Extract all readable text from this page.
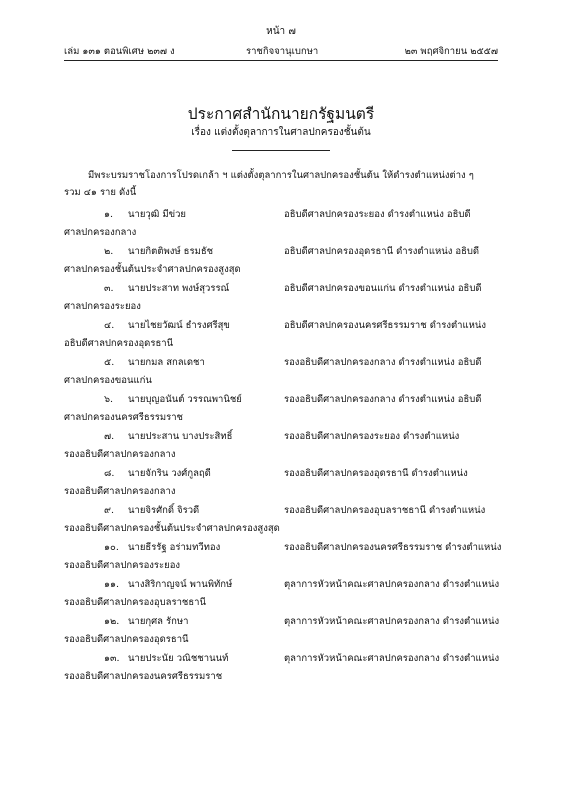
หน้า ๗
เล่ม ๑๓๑ ตอนพิเศษ ๒๓๗ ง	ราชกิจจานุเบกษา	๒๓ พฤศจิกายน ๒๕๕๗
ประกาศสำนักนายกรัฐมนตรี
เรื่อง แต่งตั้งตุลาการในศาลปกครองชั้นต้น
มีพระบรมราชโองการโปรดเกล้า ฯ แต่งตั้งตุลาการในศาลปกครองชั้นต้น ให้ดำรงตำแหน่งต่าง ๆ
รวม ๔๑ ราย ดังนี้
๑. นายวุฒิ มีข่วย	อธิบดีศาลปกครองระยอง ดำรงตำแหน่ง อธิบดี
ศาลปกครองกลาง
๒. นายกิตติพงษ์ ธรมธัช	อธิบดีศาลปกครองอุดรธานี ดำรงตำแหน่ง อธิบดี
ศาลปกครองชั้นต้นประจำศาลปกครองสูงสุด
๓. นายประสาท พงษ์สุวรรณ์	อธิบดีศาลปกครองขอนแก่น ดำรงตำแหน่ง อธิบดี
ศาลปกครองระยอง
๔. นายไชยวัฒน์ ธำรงศรีสุข	อธิบดีศาลปกครองนครศรีธรรมราช ดำรงตำแหน่ง
อธิบดีศาลปกครองอุดรธานี
๕. นายกมล สกลเดชา	รองอธิบดีศาลปกครองกลาง ดำรงตำแหน่ง อธิบดี
ศาลปกครองขอนแก่น
๖. นายบุญอนันต์ วรรณพานิชย์	รองอธิบดีศาลปกครองกลาง ดำรงตำแหน่ง อธิบดี
ศาลปกครองนครศรีธรรมราช
๗. นายประสาน บางประสิทธิ์	รองอธิบดีศาลปกครองระยอง ดำรงตำแหน่ง
รองอธิบดีศาลปกครองกลาง
๘. นายจักริน วงศ์กูลฤดี	รองอธิบดีศาลปกครองอุดรธานี ดำรงตำแหน่ง
รองอธิบดีศาลปกครองกลาง
๙. นายจิรศักดิ์ จิรวดี	รองอธิบดีศาลปกครองอุบลราชธานี ดำรงตำแหน่ง
รองอธิบดีศาลปกครองชั้นต้นประจำศาลปกครองสูงสุด
๑๐. นายธีรรัฐ อร่ามทวีทอง	รองอธิบดีศาลปกครองนครศรีธรรมราช ดำรงตำแหน่ง
รองอธิบดีศาลปกครองระยอง
๑๑. นางสิริกาญจน์ พานพิทักษ์	ตุลาการหัวหน้าคณะศาลปกครองกลาง ดำรงตำแหน่ง
รองอธิบดีศาลปกครองอุบลราชธานี
๑๒. นายกุศล รักษา	ตุลาการหัวหน้าคณะศาลปกครองกลาง ดำรงตำแหน่ง
รองอธิบดีศาลปกครองอุดรธานี
๑๓. นายประนัย วณิชชานนท์	ตุลาการหัวหน้าคณะศาลปกครองกลาง ดำรงตำแหน่ง
รองอธิบดีศาลปกครองนครศรีธรรมราช
